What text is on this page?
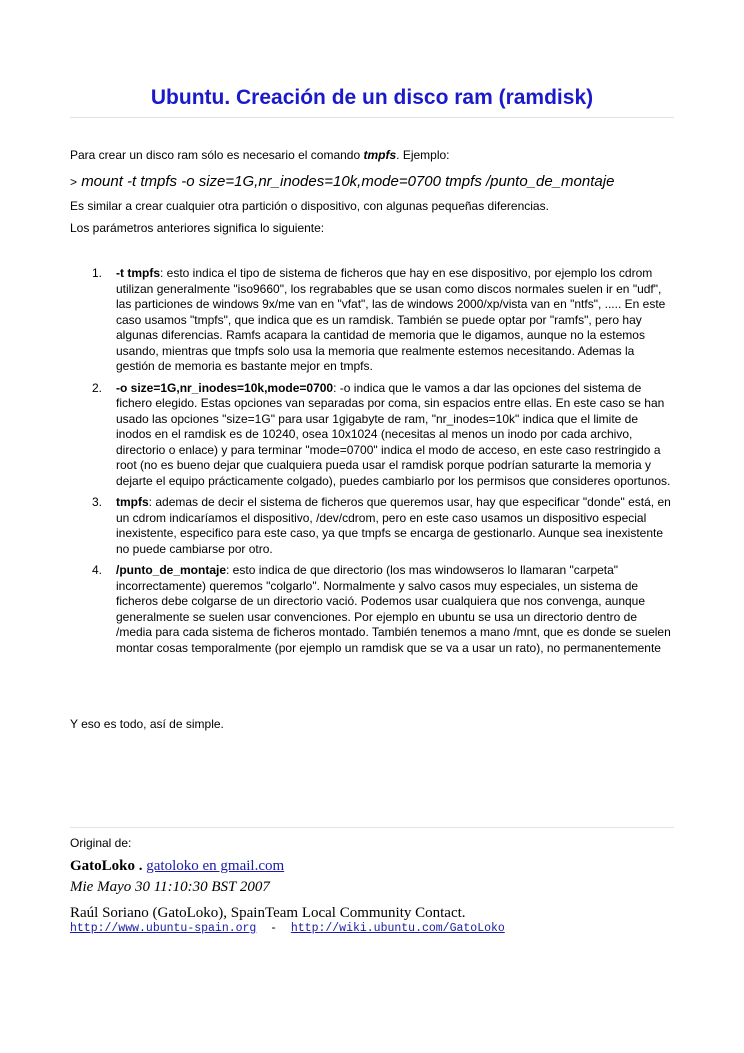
Ubuntu. Creación de un disco ram (ramdisk)

Para crear un disco ram sólo es necesario el comando tmpfs. Ejemplo:

> mount -t tmpfs -o size=1G,nr_inodes=10k,mode=0700 tmpfs /punto_de_montaje

Es similar a crear cualquier otra partición o dispositivo, con algunas pequeñas diferencias.

Los parámetros anteriores significa lo siguiente:

1. -t tmpfs: esto indica el tipo de sistema de ficheros que hay en ese dispositivo, por ejemplo los cdrom utilizan generalmente "iso9660", los regrabables que se usan como discos normales suelen ir en "udf", las particiones de windows 9x/me van en "vfat", las de windows 2000/xp/vista van en "ntfs", ..... En este caso usamos "tmpfs", que indica que es un ramdisk. También se puede optar por "ramfs", pero hay algunas diferencias. Ramfs acapara la cantidad de memoria que le digamos, aunque no la estemos usando, mientras que tmpfs solo usa la memoria que realmente estemos necesitando. Ademas la gestión de memoria es bastante mejor en tmpfs.
2. -o size=1G,nr_inodes=10k,mode=0700: -o indica que le vamos a dar las opciones del sistema de fichero elegido. Estas opciones van separadas por coma, sin espacios entre ellas. En este caso se han usado las opciones "size=1G" para usar 1gigabyte de ram, "nr_inodes=10k" indica que el limite de inodos en el ramdisk es de 10240, osea 10x1024 (necesitas al menos un inodo por cada archivo, directorio o enlace) y para terminar "mode=0700" indica el modo de acceso, en este caso restringido a root (no es bueno dejar que cualquiera pueda usar el ramdisk porque podrían saturarte la memoria y dejarte el equipo prácticamente colgado), puedes cambiarlo por los permisos que consideres oportunos.
3. tmpfs: ademas de decir el sistema de ficheros que queremos usar, hay que especificar "donde" está, en un cdrom indicaríamos el dispositivo, /dev/cdrom, pero en este caso usamos un dispositivo especial inexistente, especifico para este caso, ya que tmpfs se encarga de gestionarlo. Aunque sea inexistente no puede cambiarse por otro.
4. /punto_de_montaje: esto indica de que directorio (los mas windowseros lo llamaran "carpeta" incorrectamente) queremos "colgarlo". Normalmente y salvo casos muy especiales, un sistema de ficheros debe colgarse de un directorio vació. Podemos usar cualquiera que nos convenga, aunque generalmente se suelen usar convenciones. Por ejemplo en ubuntu se usa un directorio dentro de /media para cada sistema de ficheros montado. También tenemos a mano /mnt, que es donde se suelen montar cosas temporalmente (por ejemplo un ramdisk que se va a usar un rato), no permanentemente

Y eso es todo, así de simple.

Original de:

GatoLoko . gatoloko en gmail.com

Mie Mayo 30 11:10:30 BST 2007

Raúl Soriano (GatoLoko), SpainTeam Local Community Contact.

http://www.ubuntu-spain.org  -  http://wiki.ubuntu.com/GatoLoko
